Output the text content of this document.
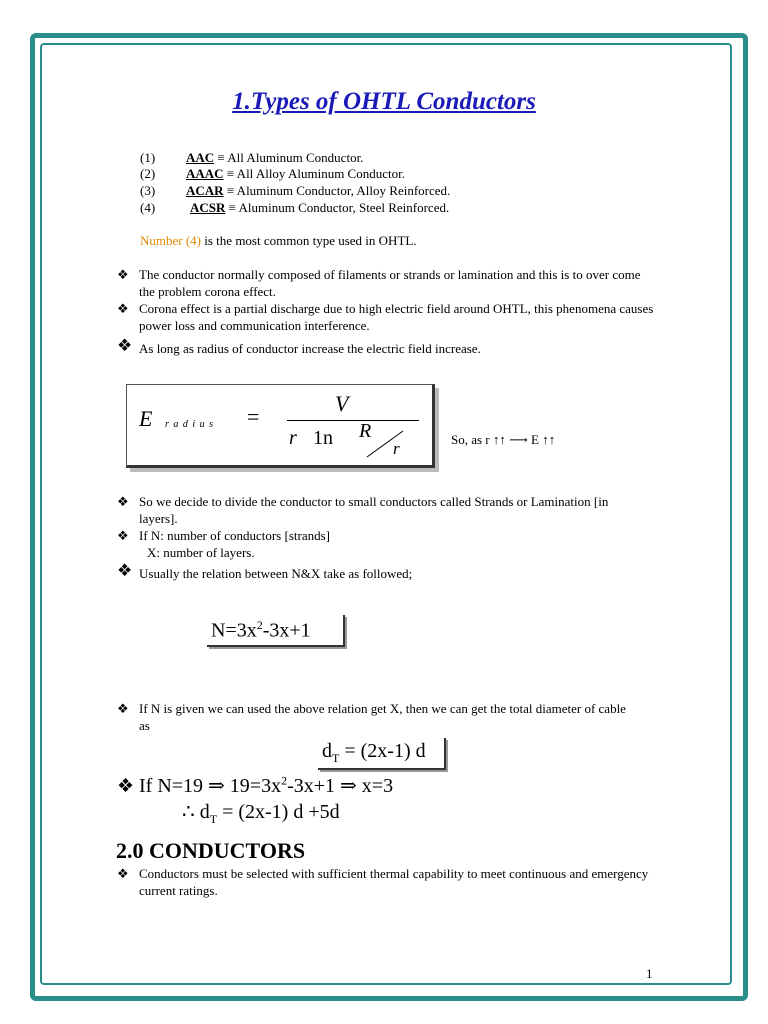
1.Types of OHTL Conductors
(1) AAC ≡ All Aluminum Conductor.
(2) AAAC ≡ All Alloy Aluminum Conductor.
(3) ACAR ≡ Aluminum Conductor, Alloy Reinforced.
(4)	ACSR ≡ Aluminum Conductor, Steel Reinforced.
Number (4) is the most common type used in OHTL.
❖ The conductor normally composed of filaments or strands or lamination and this is to over come the problem corona effect.
❖ Corona effect is a partial discharge due to high electric field around OHTL, this phenomena causes power loss and communication interference.
❖ As long as radius of conductor increase the electric field increase.
E r a d i u s =
V
r 1n R
r	So, as r ↑↑ ⟶ E ↑↑
❖ So we decide to divide the conductor to small conductors called Strands or Lamination [in layers].
❖ If N: number of conductors [strands]
X: number of layers.
❖ Usually the relation between N&X take as followed;
$N=3x^2-3x+1$
❖ If N is given we can used the above relation get X, then we can get the total diameter of cable as
$d_T = (2x-1)$ d
❖ If N=19 ⇒ $19=3x^2-3x+1$ ⇒ x=3
∴ $d_T = (2x-1)$ d +5d
2.0 CONDUCTORS
❖ Conductors must be selected with sufficient thermal capability to meet continuous and emergency current ratings.
1
